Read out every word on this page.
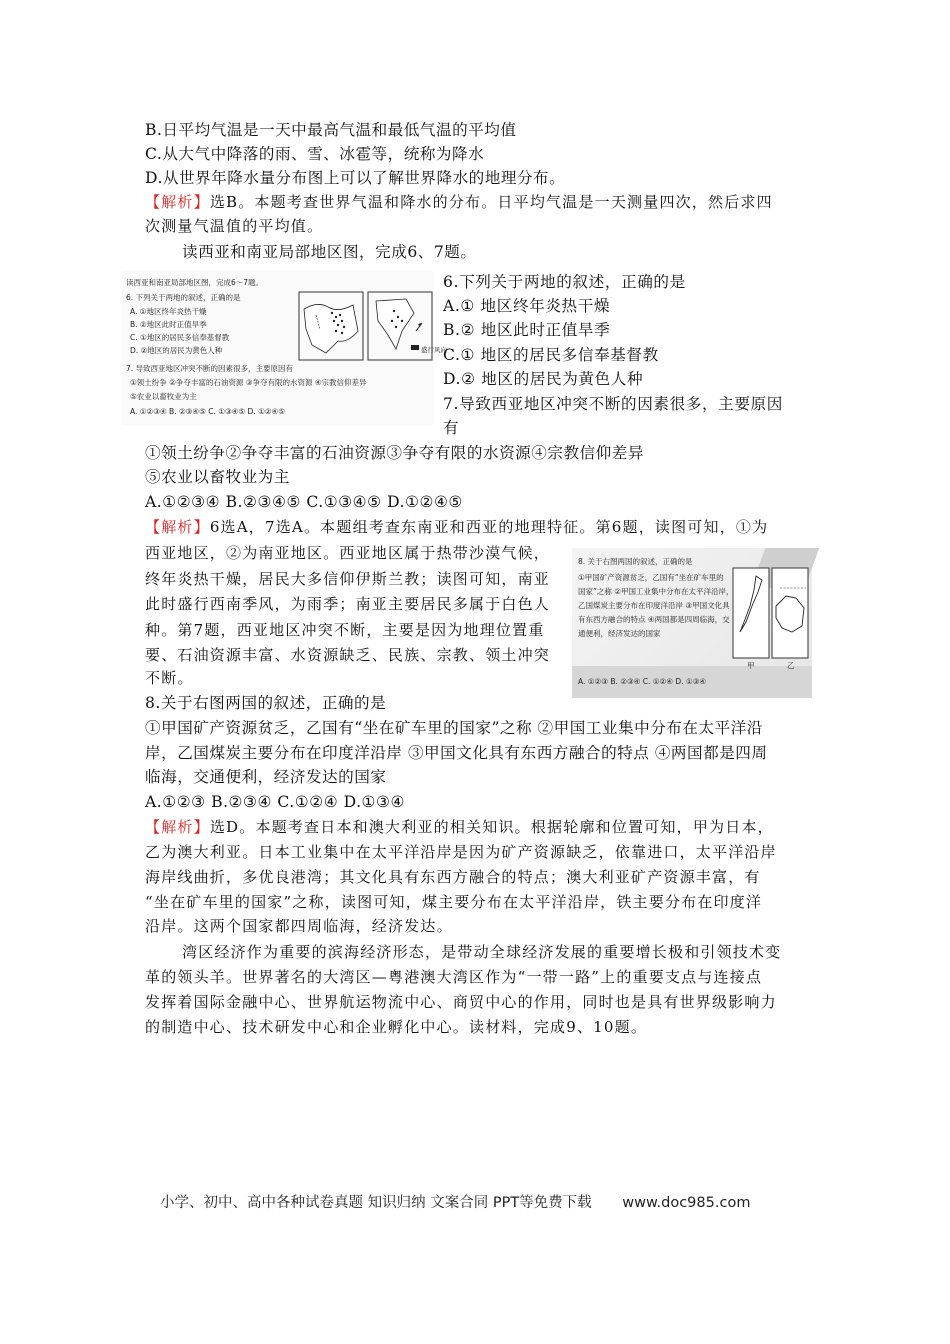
B.日平均气温是一天中最高气温和最低气温的平均值
C.从大气中降落的雨、雪、冰雹等，统称为降水
D.从世界年降水量分布图上可以了解世界降水的地理分布。
【解析】选B。本题考查世界气温和降水的分布。日平均气温是一天测量四次，然后求四
次测量气温值的平均值。
读西亚和南亚局部地区图，完成6、7题。
读西亚和南亚局部地区图，完成6～7题。
6. 下列关于两地的叙述，正确的是
A. ①地区终年炎热干燥
B. ②地区此时正值旱季
C. ①地区的居民多信奉基督教
D. ②地区的居民为黄色人种
7. 导致西亚地区冲突不断的因素很多，主要原因有
①领土纷争 ②争夺丰富的石油资源 ③争夺有限的水资源 ④宗教信仰差异
⑤农业以畜牧业为主
A. ①②③④ B. ②③④⑤ C. ①③④⑤ D. ①②④⑤
盛行风向
6.下列关于两地的叙述，正确的是
A.① 地区终年炎热干燥
B.② 地区此时正值旱季
C.① 地区的居民多信奉基督教
D.② 地区的居民为黄色人种
7.导致西亚地区冲突不断的因素很多，主要原因
有
①领土纷争②争夺丰富的石油资源③争夺有限的水资源④宗教信仰差异
⑤农业以畜牧业为主
A.①②③④ B.②③④⑤ C.①③④⑤ D.①②④⑤
【解析】6选A，7选A。本题组考查东南亚和西亚的地理特征。第6题，读图可知，①为
西亚地区，②为南亚地区。西亚地区属于热带沙漠气候，
终年炎热干燥，居民大多信仰伊斯兰教；读图可知，南亚
此时盛行西南季风，为雨季；南亚主要居民多属于白色人
种。第7题，西亚地区冲突不断，主要是因为地理位置重
要、石油资源丰富、水资源缺乏、民族、宗教、领土冲突
不断。
8. 关于右图两国的叙述，正确的是
①甲国矿产资源贫乏，乙国有“坐在矿车里的
国家”之称 ②甲国工业集中分布在太平洋沿岸，
乙国煤炭主要分布在印度洋沿岸 ③甲国文化具
有东西方融合的特点 ④两国都是四周临海，交
通便利，经济发达的国家
A. ①②③ B. ②③④ C. ①②④ D. ①③④
甲	乙
8.关于右图两国的叙述，正确的是
①甲国矿产资源贫乏，乙国有“坐在矿车里的国家”之称 ②甲国工业集中分布在太平洋沿
岸，乙国煤炭主要分布在印度洋沿岸 ③甲国文化具有东西方融合的特点 ④两国都是四周
临海，交通便利，经济发达的国家
A.①②③ B.②③④ C.①②④ D.①③④
【解析】选D。本题考查日本和澳大利亚的相关知识。根据轮廓和位置可知，甲为日本，
乙为澳大利亚。日本工业集中在太平洋沿岸是因为矿产资源缺乏，依靠进口，太平洋沿岸
海岸线曲折，多优良港湾；其文化具有东西方融合的特点；澳大利亚矿产资源丰富，有
“坐在矿车里的国家”之称，读图可知，煤主要分布在太平洋沿岸，铁主要分布在印度洋
沿岸。这两个国家都四周临海，经济发达。
湾区经济作为重要的滨海经济形态，是带动全球经济发展的重要增长极和引领技术变
革的领头羊。世界著名的大湾区—粤港澳大湾区作为“一带一路”上的重要支点与连接点
发挥着国际金融中心、世界航运物流中心、商贸中心的作用，同时也是具有世界级影响力
的制造中心、技术研发中心和企业孵化中心。读材料，完成9、10题。
小学、初中、高中各种试卷真题 知识归纳 文案合同 PPT等免费下载 www.doc985.com
